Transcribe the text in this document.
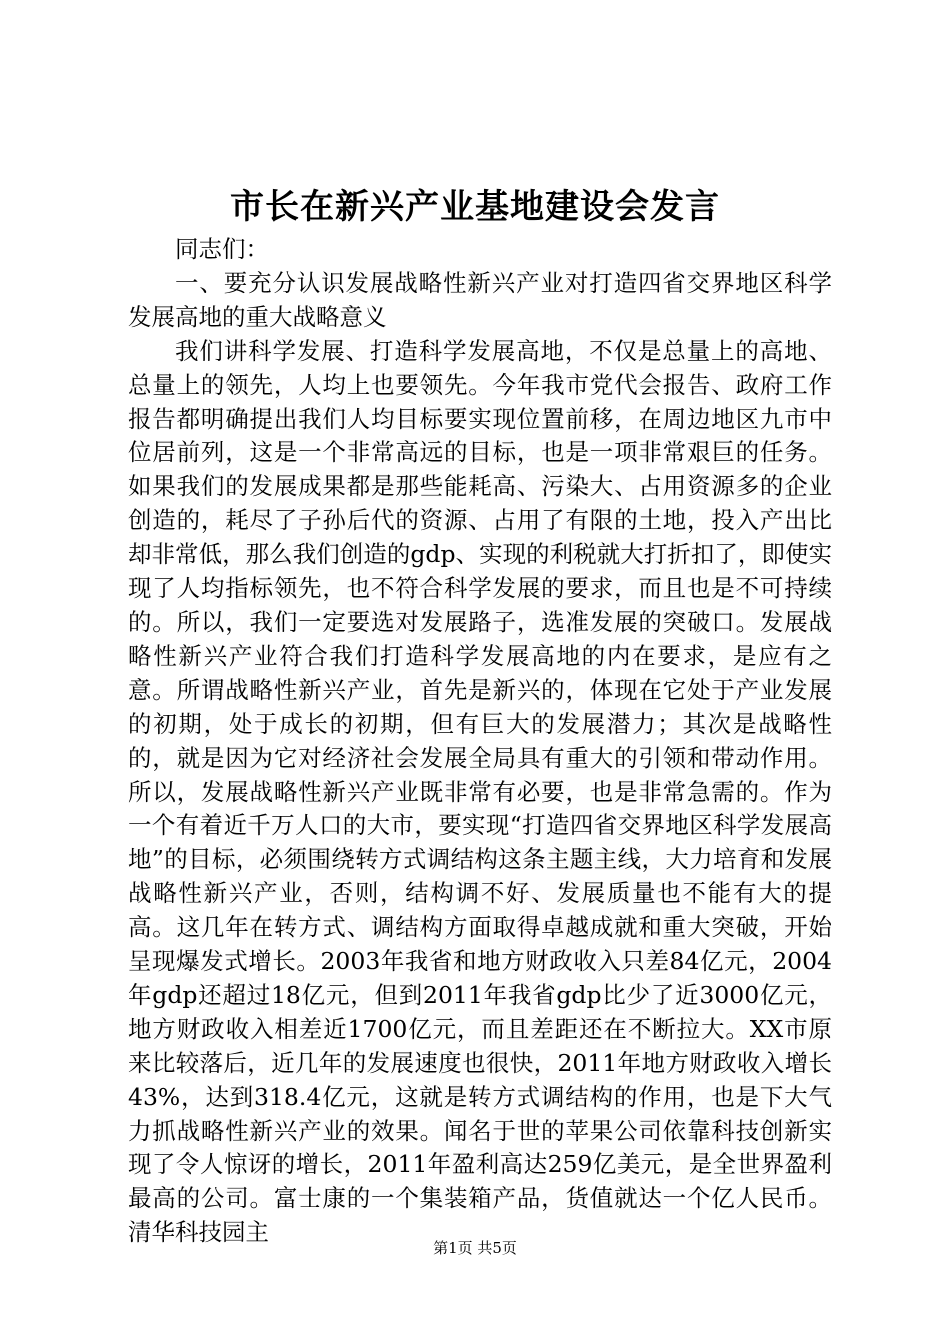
市长在新兴产业基地建设会发言

同志们：

一、要充分认识发展战略性新兴产业对打造四省交界地区科学发展高地的重大战略意义

我们讲科学发展、打造科学发展高地，不仅是总量上的高地、总量上的领先，人均上也要领先。今年我市党代会报告、政府工作报告都明确提出我们人均目标要实现位置前移，在周边地区九市中位居前列，这是一个非常高远的目标，也是一项非常艰巨的任务。如果我们的发展成果都是那些能耗高、污染大、占用资源多的企业创造的，耗尽了子孙后代的资源、占用了有限的土地，投入产出比却非常低，那么我们创造的gdp、实现的利税就大打折扣了，即使实现了人均指标领先，也不符合科学发展的要求，而且也是不可持续的。所以，我们一定要选对发展路子，选准发展的突破口。发展战略性新兴产业符合我们打造科学发展高地的内在要求，是应有之意。所谓战略性新兴产业，首先是新兴的，体现在它处于产业发展的初期，处于成长的初期，但有巨大的发展潜力；其次是战略性的，就是因为它对经济社会发展全局具有重大的引领和带动作用。所以，发展战略性新兴产业既非常有必要，也是非常急需的。作为一个有着近千万人口的大市，要实现“打造四省交界地区科学发展高地”的目标，必须围绕转方式调结构这条主题主线，大力培育和发展战略性新兴产业，否则，结构调不好、发展质量也不能有大的提高。这几年在转方式、调结构方面取得卓越成就和重大突破，开始呈现爆发式增长。2003年我省和地方财政收入只差84亿元，2004年gdp还超过18亿元，但到2011年我省gdp比少了近3000亿元，地方财政收入相差近1700亿元，而且差距还在不断拉大。XX市原来比较落后，近几年的发展速度也很快，2011年地方财政收入增长43%，达到318.4亿元，这就是转方式调结构的作用，也是下大气力抓战略性新兴产业的效果。闻名于世的苹果公司依靠科技创新实现了令人惊讶的增长，2011年盈利高达259亿美元，是全世界盈利最高的公司。富士康的一个集装箱产品，货值就达一个亿人民币。清华科技园主

第1页 共5页
